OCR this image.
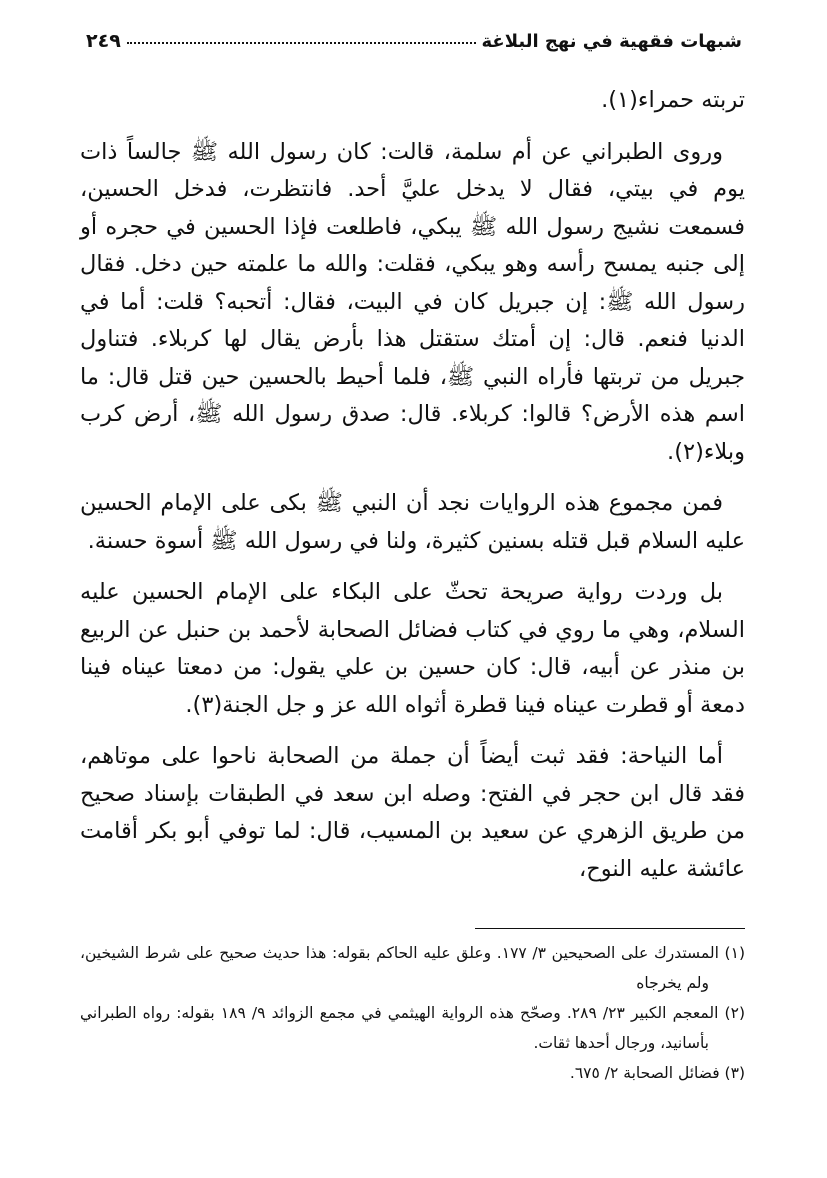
شبهات فقهية في نهج البلاغة
٢٤٩

تربته حمراء(١).

وروى الطبراني عن أم سلمة، قالت: كان رسول الله ﷺ جالساً ذات يوم في بيتي، فقال لا يدخل عليَّ أحد. فانتظرت، فدخل الحسين، فسمعت نشيج رسول الله ﷺ يبكي، فاطلعت فإذا الحسين في حجره أو إلى جنبه يمسح رأسه وهو يبكي، فقلت: والله ما علمته حين دخل. فقال رسول الله ﷺ: إن جبريل كان في البيت، فقال: أتحبه؟ قلت: أما في الدنيا فنعم. قال: إن أمتك ستقتل هذا بأرض يقال لها كربلاء. فتناول جبريل من تربتها فأراه النبي ﷺ، فلما أحيط بالحسين حين قتل قال: ما اسم هذه الأرض؟ قالوا: كربلاء. قال: صدق رسول الله ﷺ، أرض كرب وبلاء(٢).

فمن مجموع هذه الروايات نجد أن النبي ﷺ بكى على الإمام الحسين عليه السلام قبل قتله بسنين كثيرة، ولنا في رسول الله ﷺ أسوة حسنة.

بل وردت رواية صريحة تحثّ على البكاء على الإمام الحسين عليه السلام، وهي ما روي في كتاب فضائل الصحابة لأحمد بن حنبل عن الربيع بن منذر عن أبيه، قال: كان حسين بن علي يقول: من دمعتا عيناه فينا دمعة أو قطرت عيناه فينا قطرة أثواه الله عز و جل الجنة(٣).

أما النياحة: فقد ثبت أيضاً أن جملة من الصحابة ناحوا على موتاهم، فقد قال ابن حجر في الفتح: وصله ابن سعد في الطبقات بإسناد صحيح من طريق الزهري عن سعيد بن المسيب، قال: لما توفي أبو بكر أقامت عائشة عليه النوح،

(١) المستدرك على الصحيحين ٣/ ١٧٧. وعلق عليه الحاكم بقوله: هذا حديث صحيح على شرط الشيخين، ولم يخرجاه

(٢) المعجم الكبير ٢٣/ ٢٨٩. وصحّح هذه الرواية الهيثمي في مجمع الزوائد ٩/ ١٨٩ بقوله: رواه الطبراني بأسانيد، ورجال أحدها ثقات.

(٣) فضائل الصحابة ٢/ ٦٧٥.
